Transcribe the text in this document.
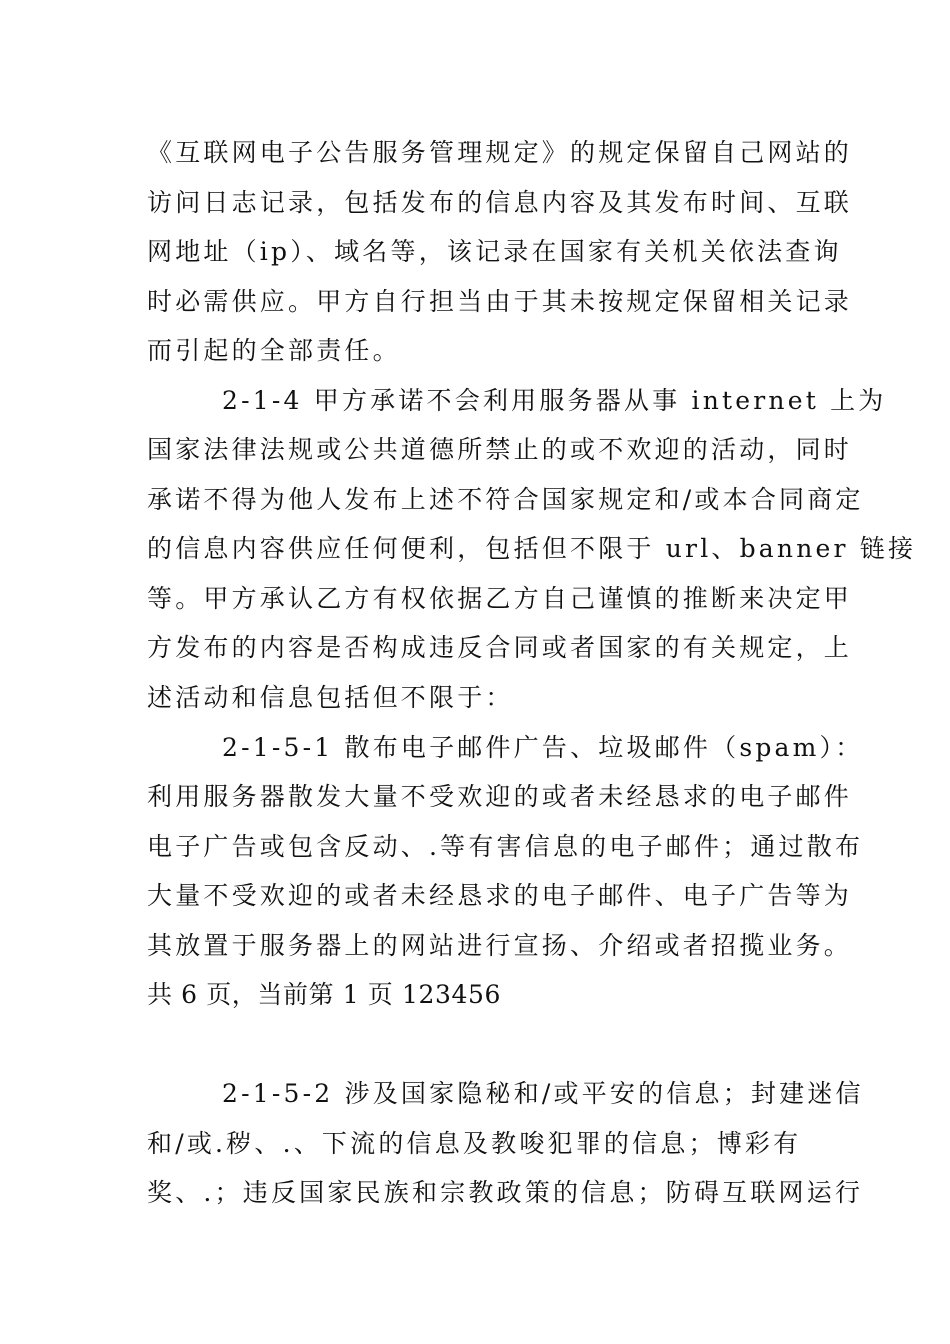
《互联网电子公告服务管理规定》的规定保留自己网站的
访问日志记录，包括发布的信息内容及其发布时间、互联
网地址（ip）、域名等，该记录在国家有关机关依法查询
时必需供应。甲方自行担当由于其未按规定保留相关记录
而引起的全部责任。
2-1-4 甲方承诺不会利用服务器从事 internet 上为
国家法律法规或公共道德所禁止的或不欢迎的活动，同时
承诺不得为他人发布上述不符合国家规定和/或本合同商定
的信息内容供应任何便利，包括但不限于 url、banner 链接
等。甲方承认乙方有权依据乙方自己谨慎的推断来决定甲
方发布的内容是否构成违反合同或者国家的有关规定，上
述活动和信息包括但不限于：
2-1-5-1 散布电子邮件广告、垃圾邮件（spam）：
利用服务器散发大量不受欢迎的或者未经恳求的电子邮件
电子广告或包含反动、.等有害信息的电子邮件；通过散布
大量不受欢迎的或者未经恳求的电子邮件、电子广告等为
其放置于服务器上的网站进行宣扬、介绍或者招揽业务。
共 6 页，当前第 1 页 123456
2-1-5-2 涉及国家隐秘和/或平安的信息；封建迷信
和/或.秽、.、下流的信息及教唆犯罪的信息；博彩有
奖、.；违反国家民族和宗教政策的信息；防碍互联网运行
